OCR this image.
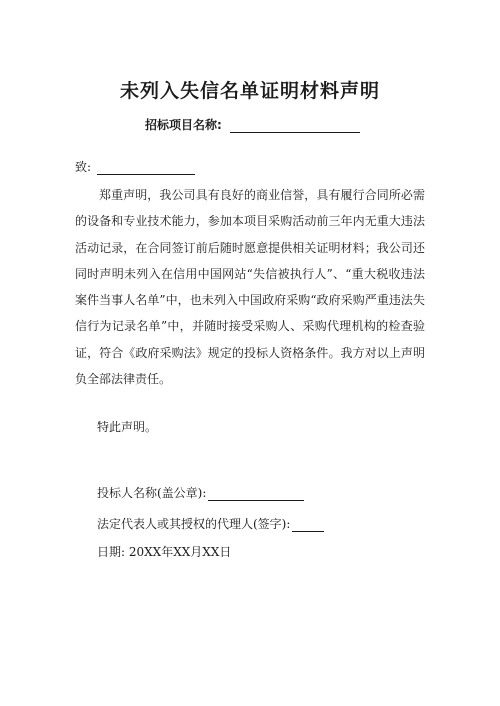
未列入失信名单证明材料声明
招标项目名称:
致:
郑重声明，我公司具有良好的商业信誉，具有履行合同所必需的设备和专业技术能力，参加本项目采购活动前三年内无重大违法活动记录，在合同签订前后随时愿意提供相关证明材料；我公司还同时声明未列入在信用中国网站“失信被执行人”、“重大税收违法案件当事人名单”中，也未列入中国政府采购“政府采购严重违法失信行为记录名单”中，并随时接受采购人、采购代理机构的检查验证，符合《政府采购法》规定的投标人资格条件。我方对以上声明负全部法律责任。
特此声明。
投标人名称(盖公章):
法定代表人或其授权的代理人(签字):
日期: 20XX年XX月XX日
